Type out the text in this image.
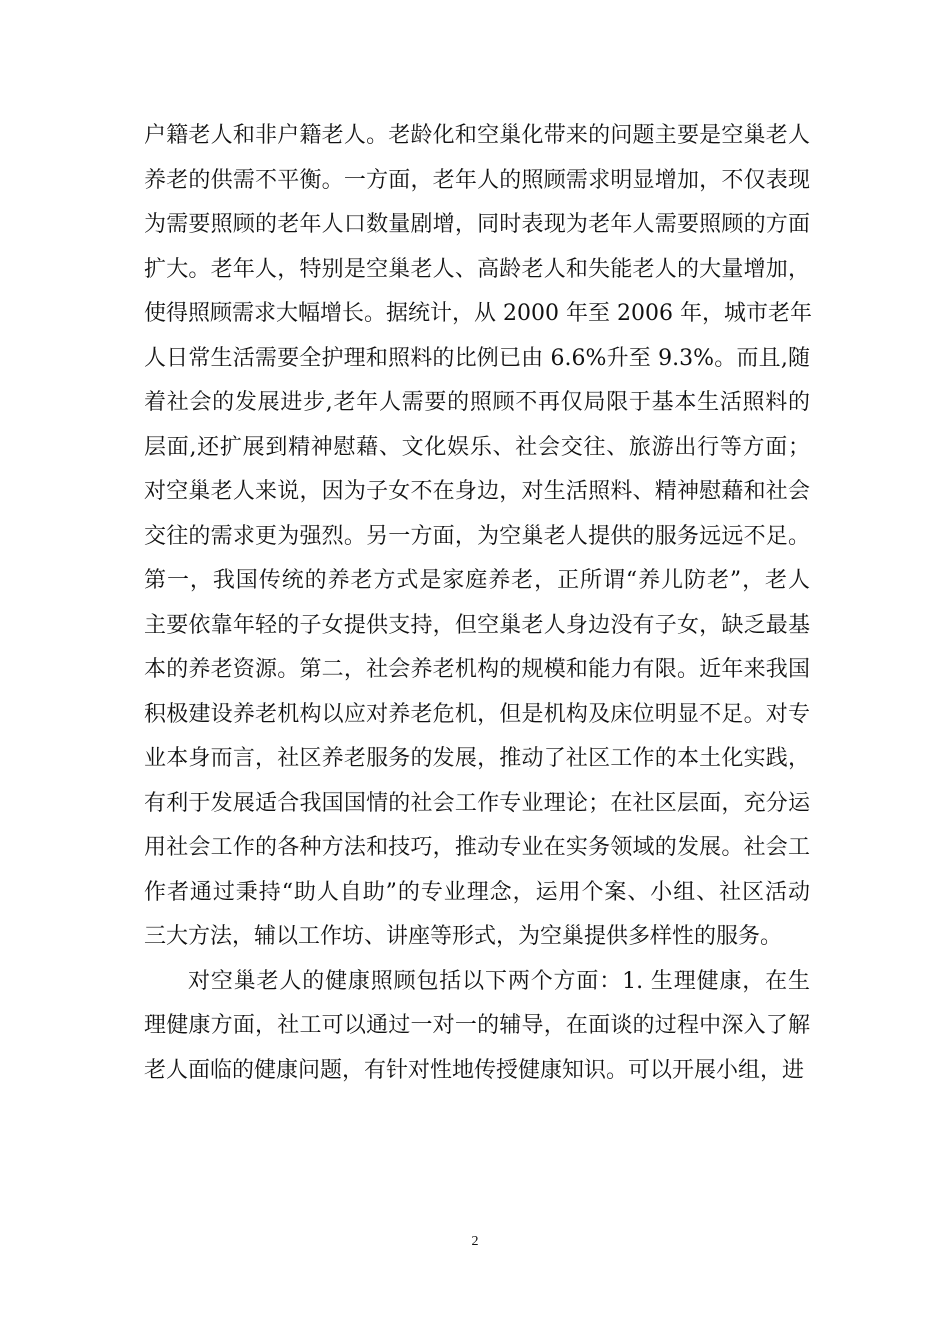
户籍老人和非户籍老人。老龄化和空巢化带来的问题主要是空巢老人
养老的供需不平衡。一方面，老年人的照顾需求明显增加，不仅表现
为需要照顾的老年人口数量剧增，同时表现为老年人需要照顾的方面
扩大。老年人，特别是空巢老人、高龄老人和失能老人的大量增加，
使得照顾需求大幅增长。据统计，从 2000 年至 2006 年，城市老年
人日常生活需要全护理和照料的比例已由 6.6%升至 9.3%。而且,随
着社会的发展进步,老年人需要的照顾不再仅局限于基本生活照料的
层面,还扩展到精神慰藉、文化娱乐、社会交往、旅游出行等方面；
对空巢老人来说，因为子女不在身边，对生活照料、精神慰藉和社会
交往的需求更为强烈。另一方面，为空巢老人提供的服务远远不足。
第一，我国传统的养老方式是家庭养老，正所谓“养儿防老”，老人
主要依靠年轻的子女提供支持，但空巢老人身边没有子女，缺乏最基
本的养老资源。第二，社会养老机构的规模和能力有限。近年来我国
积极建设养老机构以应对养老危机，但是机构及床位明显不足。对专
业本身而言，社区养老服务的发展，推动了社区工作的本土化实践，
有利于发展适合我国国情的社会工作专业理论；在社区层面，充分运
用社会工作的各种方法和技巧，推动专业在实务领域的发展。社会工
作者通过秉持“助人自助”的专业理念，运用个案、小组、社区活动
三大方法，辅以工作坊、讲座等形式，为空巢提供多样性的服务。
对空巢老人的健康照顾包括以下两个方面：1. 生理健康，在生
理健康方面，社工可以通过一对一的辅导，在面谈的过程中深入了解
老人面临的健康问题，有针对性地传授健康知识。可以开展小组，进
2
